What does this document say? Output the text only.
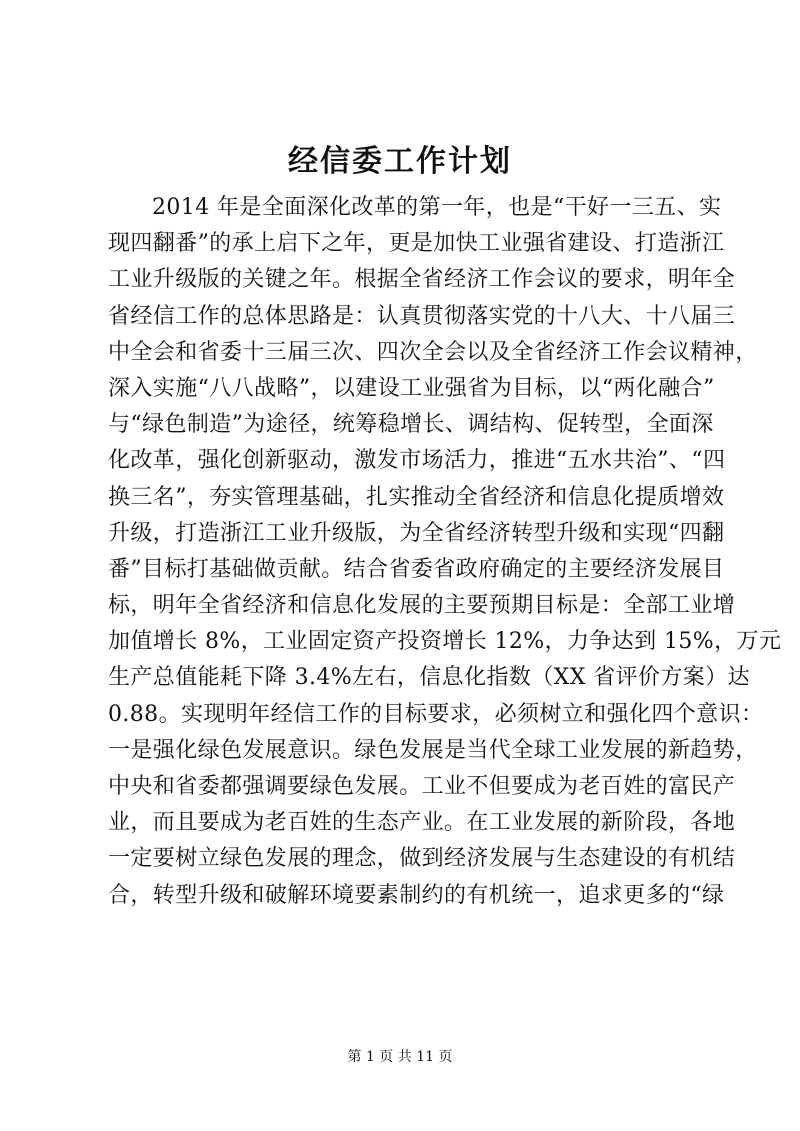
经信委工作计划
2014 年是全面深化改革的第一年，也是“干好一三五、实
现四翻番”的承上启下之年，更是加快工业强省建设、打造浙江
工业升级版的关键之年。根据全省经济工作会议的要求，明年全
省经信工作的总体思路是：认真贯彻落实党的十八大、十八届三
中全会和省委十三届三次、四次全会以及全省经济工作会议精神，
深入实施“八八战略”，以建设工业强省为目标，以“两化融合”
与“绿色制造”为途径，统筹稳增长、调结构、促转型，全面深
化改革，强化创新驱动，激发市场活力，推进“五水共治”、“四
换三名”，夯实管理基础，扎实推动全省经济和信息化提质增效
升级，打造浙江工业升级版，为全省经济转型升级和实现“四翻
番”目标打基础做贡献。结合省委省政府确定的主要经济发展目
标，明年全省经济和信息化发展的主要预期目标是：全部工业增
加值增长 8%，工业固定资产投资增长 12%，力争达到 15%，万元
生产总值能耗下降 3.4%左右，信息化指数（XX 省评价方案）达
0.88。实现明年经信工作的目标要求，必须树立和强化四个意识：
一是强化绿色发展意识。绿色发展是当代全球工业发展的新趋势，
中央和省委都强调要绿色发展。工业不但要成为老百姓的富民产
业，而且要成为老百姓的生态产业。在工业发展的新阶段，各地
一定要树立绿色发展的理念，做到经济发展与生态建设的有机结
合，转型升级和破解环境要素制约的有机统一，追求更多的“绿
第 1 页 共 11 页
